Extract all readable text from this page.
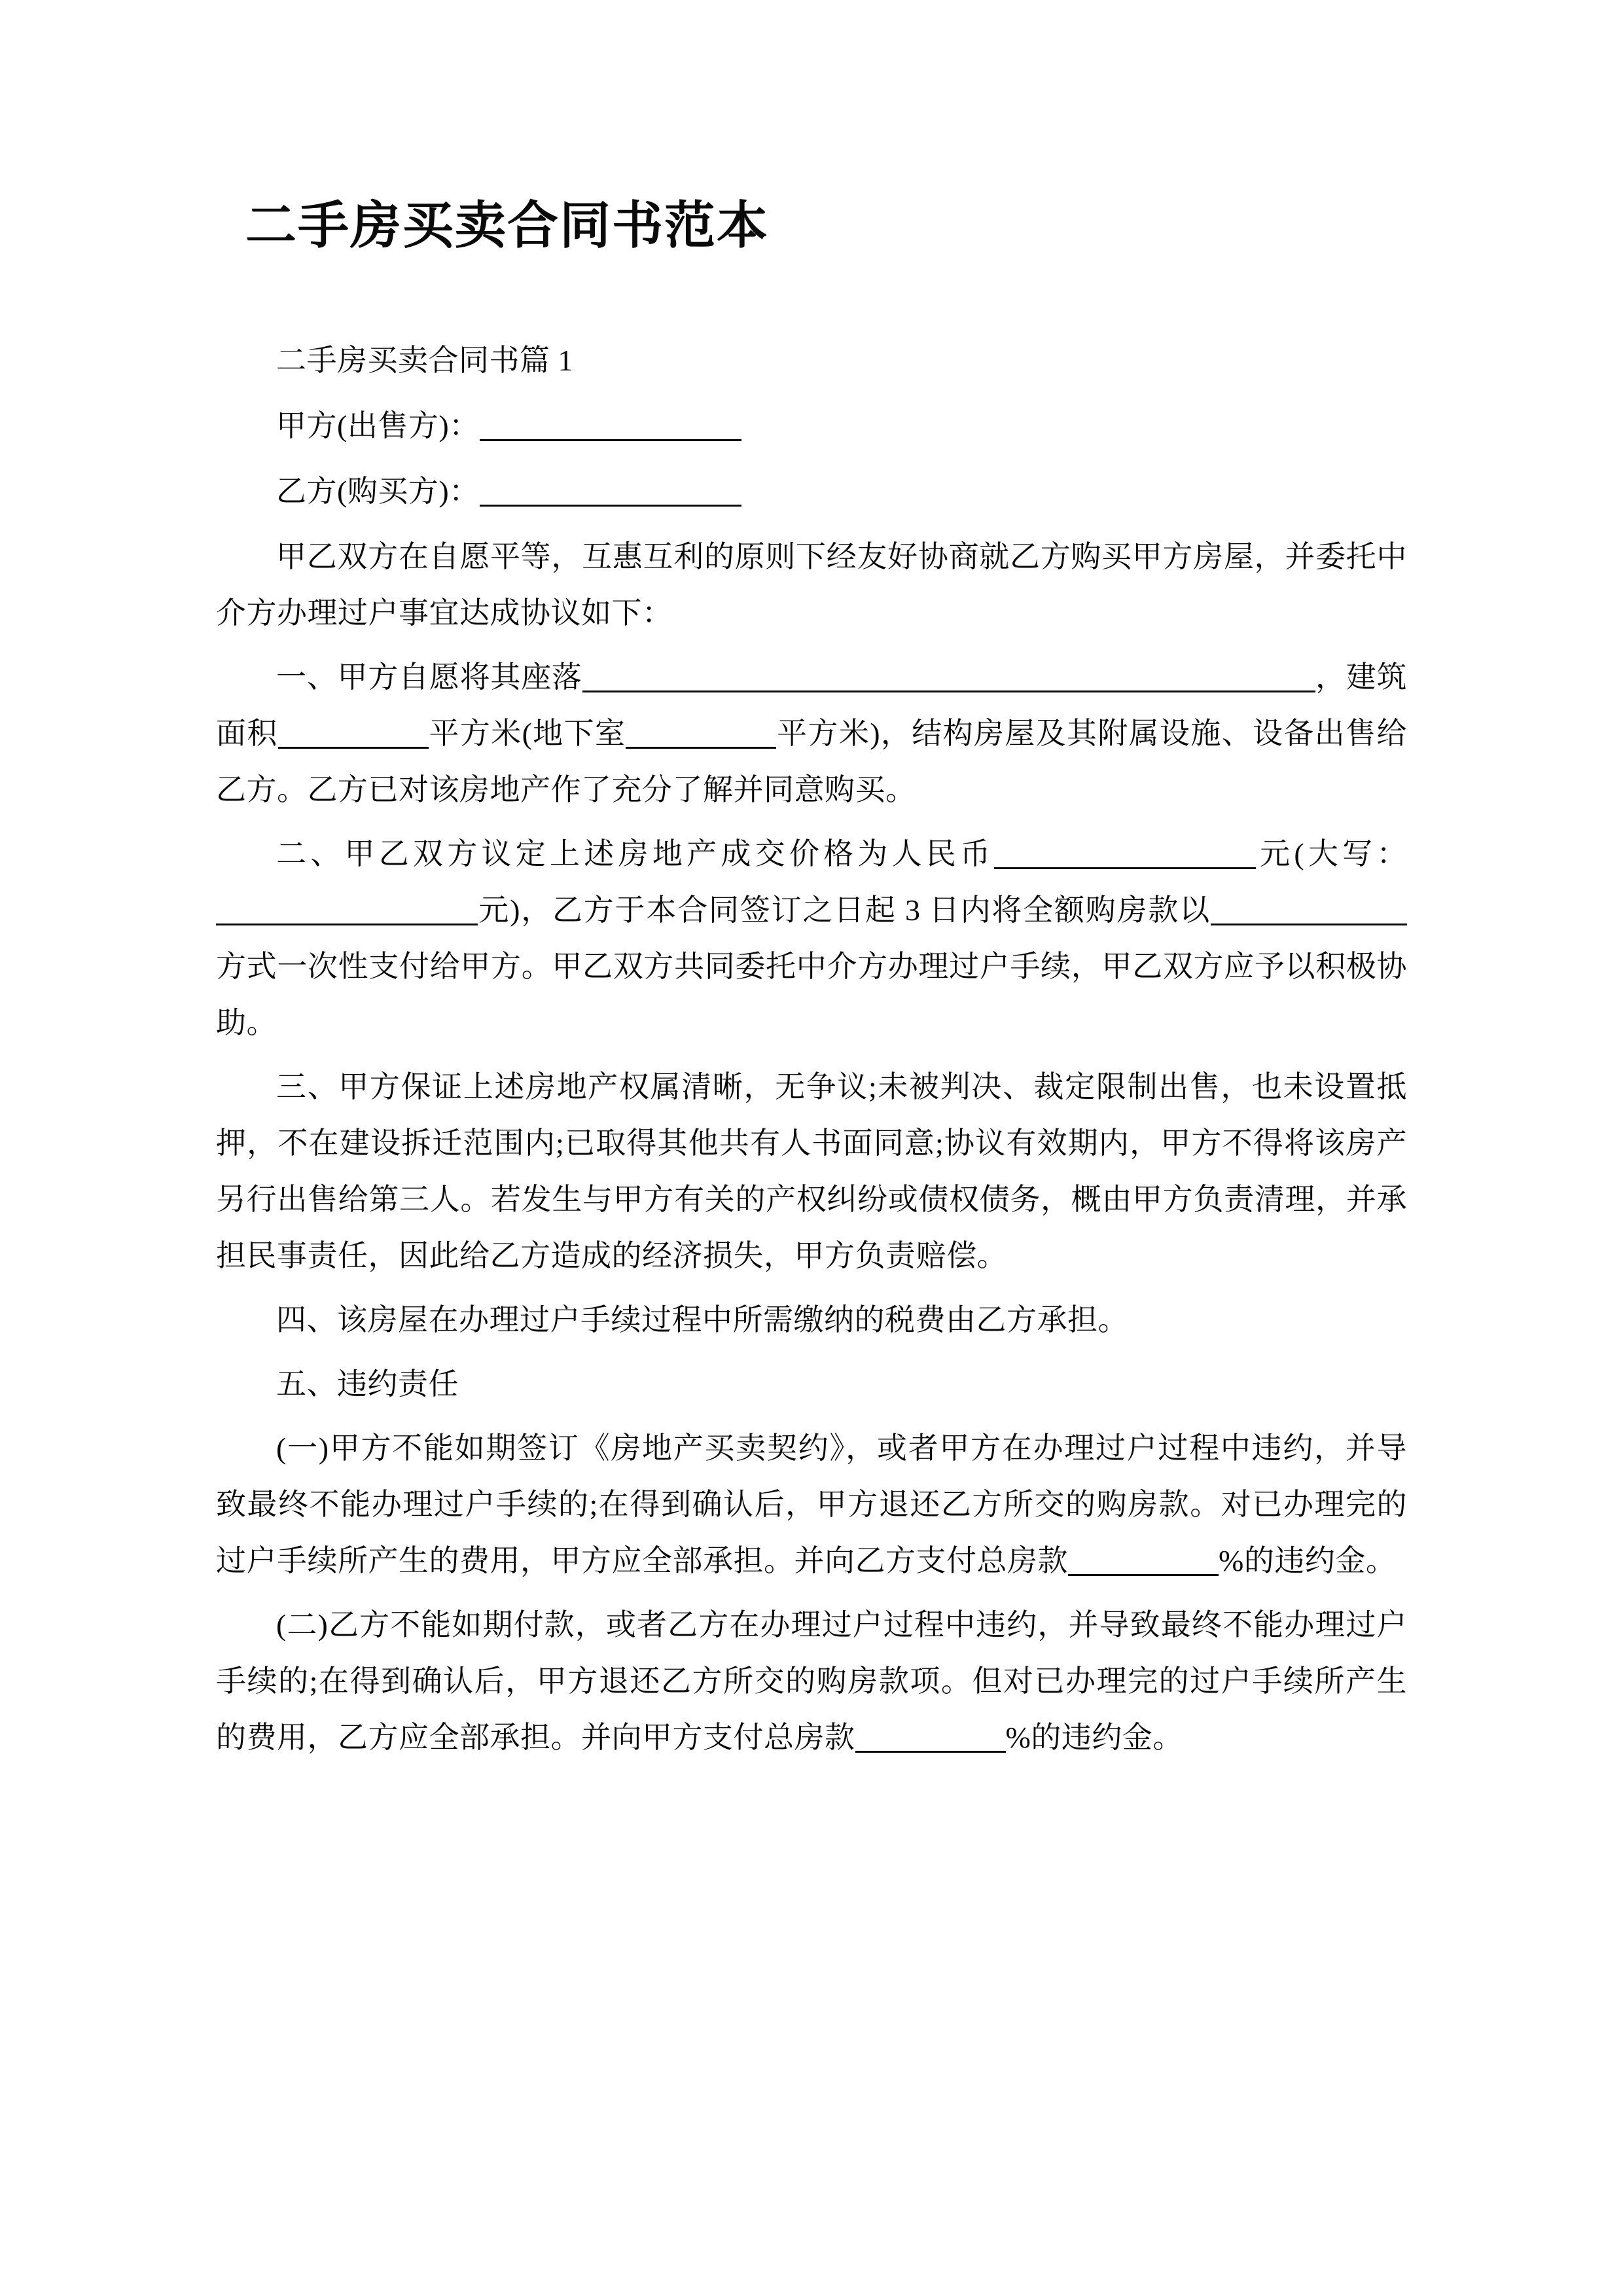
二手房买卖合同书范本

二手房买卖合同书篇 1

甲方(出售方)：

乙方(购买方)：

甲乙双方在自愿平等，互惠互利的原则下经友好协商就乙方购买甲方房屋，并委托中介方办理过户事宜达成协议如下：

一、甲方自愿将其座落	，建筑面积	平方米(地下室	平方米)，结构房屋及其附属设施、设备出售给乙方。乙方已对该房地产作了充分了解并同意购买。

二、甲乙双方议定上述房地产成交价格为人民币	元(大写：元)，乙方于本合同签订之日起 3 日内将全额购房款以方式一次性支付给甲方。甲乙双方共同委托中介方办理过户手续，甲乙双方应予以积极协助。

三、甲方保证上述房地产权属清晰，无争议;未被判决、裁定限制出售，也未设置抵押，不在建设拆迁范围内;已取得其他共有人书面同意;协议有效期内，甲方不得将该房产另行出售给第三人。若发生与甲方有关的产权纠纷或债权债务，概由甲方负责清理，并承担民事责任，因此给乙方造成的经济损失，甲方负责赔偿。

四、该房屋在办理过户手续过程中所需缴纳的税费由乙方承担。

五、违约责任

(一)甲方不能如期签订《房地产买卖契约》，或者甲方在办理过户过程中违约，并导致最终不能办理过户手续的;在得到确认后，甲方退还乙方所交的购房款。对已办理完的过户手续所产生的费用，甲方应全部承担。并向乙方支付总房款	%的违约金。

(二)乙方不能如期付款，或者乙方在办理过户过程中违约，并导致最终不能办理过户手续的;在得到确认后，甲方退还乙方所交的购房款项。但对已办理完的过户手续所产生的费用，乙方应全部承担。并向甲方支付总房款	%的违约金。
